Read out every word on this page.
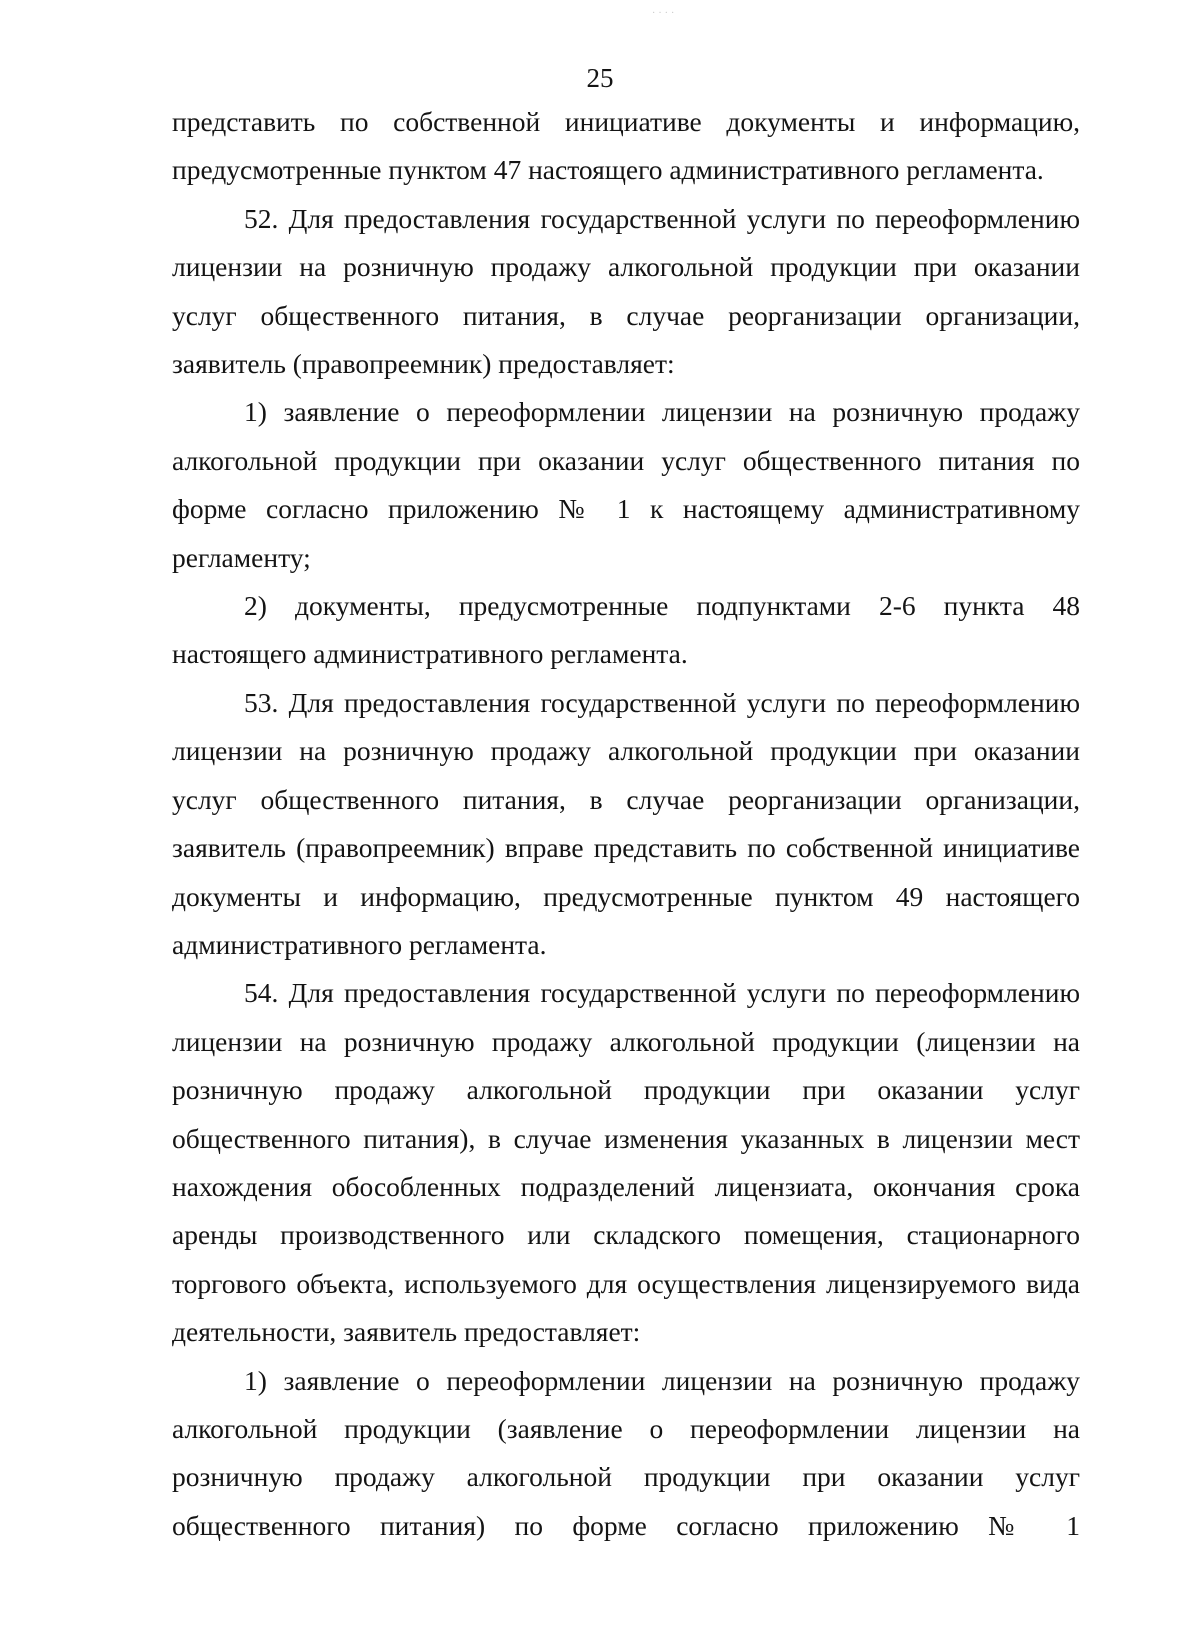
····
25

представить по собственной инициативе документы и информацию, предусмотренные пунктом 47 настоящего административного регламента.

52. Для предоставления государственной услуги по переоформлению лицензии на розничную продажу алкогольной продукции при оказании услуг общественного питания, в случае реорганизации организации, заявитель (правопреемник) предоставляет:

1) заявление о переоформлении лицензии на розничную продажу алкогольной продукции при оказании услуг общественного питания по форме согласно приложению № 1 к настоящему административному регламенту;

2) документы, предусмотренные подпунктами 2-6 пункта 48 настоящего административного регламента.

53. Для предоставления государственной услуги по переоформлению лицензии на розничную продажу алкогольной продукции при оказании услуг общественного питания, в случае реорганизации организации, заявитель (правопреемник) вправе представить по собственной инициативе документы и информацию, предусмотренные пунктом 49 настоящего административного регламента.

54. Для предоставления государственной услуги по переоформлению лицензии на розничную продажу алкогольной продукции (лицензии на розничную продажу алкогольной продукции при оказании услуг общественного питания), в случае изменения указанных в лицензии мест нахождения обособленных подразделений лицензиата, окончания срока аренды производственного или складского помещения, стационарного торгового объекта, используемого для осуществления лицензируемого вида деятельности, заявитель предоставляет:

1) заявление о переоформлении лицензии на розничную продажу алкогольной продукции (заявление о переоформлении лицензии на розничную продажу алкогольной продукции при оказании услуг общественного питания) по форме согласно приложению № 1
